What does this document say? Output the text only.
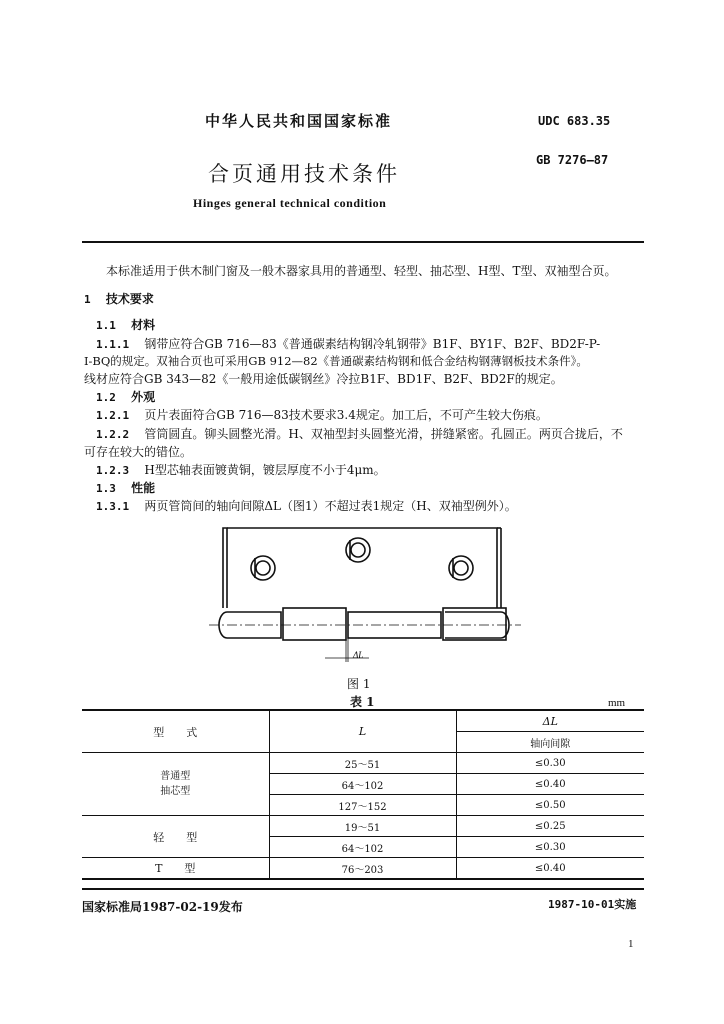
中华人民共和国国家标准	UDC 683.35
合页通用技术条件
GB 7276—87
Hinges general technical condition
本标准适用于供木制门窗及一般木器家具用的普通型、轻型、抽芯型、H型、T型、双袖型合页。
1 技术要求
1.1 材料
1.1.1 钢带应符合GB 716—83《普通碳素结构钢冷轧钢带》B1F、BY1F、B2F、BD2F-P-
I-BQ的规定。双袖合页也可采用GB 912—82《普通碳素结构钢和低合金结构钢薄钢板技术条件》。
线材应符合GB 343—82《一般用途低碳钢丝》冷拉B1F、BD1F、B2F、BD2F的规定。
1.2 外观
1.2.1 页片表面符合GB 716—83技术要求3.4规定。加工后，不可产生较大伤痕。
1.2.2 管筒圆直。铆头圆整光滑。H、双袖型封头圆整光滑，拼缝紧密。孔圆正。两页合拢后，不
可存在较大的错位。
1.2.3 H型芯轴表面镀黄铜，镀层厚度不小于4μm。
1.3 性能
1.3.1 两页管筒间的轴向间隙ΔL（图1）不超过表1规定（H、双袖型例外）。
ΔL
图 1
表 1	mm
型　　式	L	ΔL
		轴向间隙
普通型
抽芯型	25～51	≤0.30
	64～102	≤0.40
	127～152	≤0.50
轻　　型	19～51	≤0.25
	64～102	≤0.30
T　　型	76～203	≤0.40
国家标准局1987-02-19发布	1987-10-01实施
1
